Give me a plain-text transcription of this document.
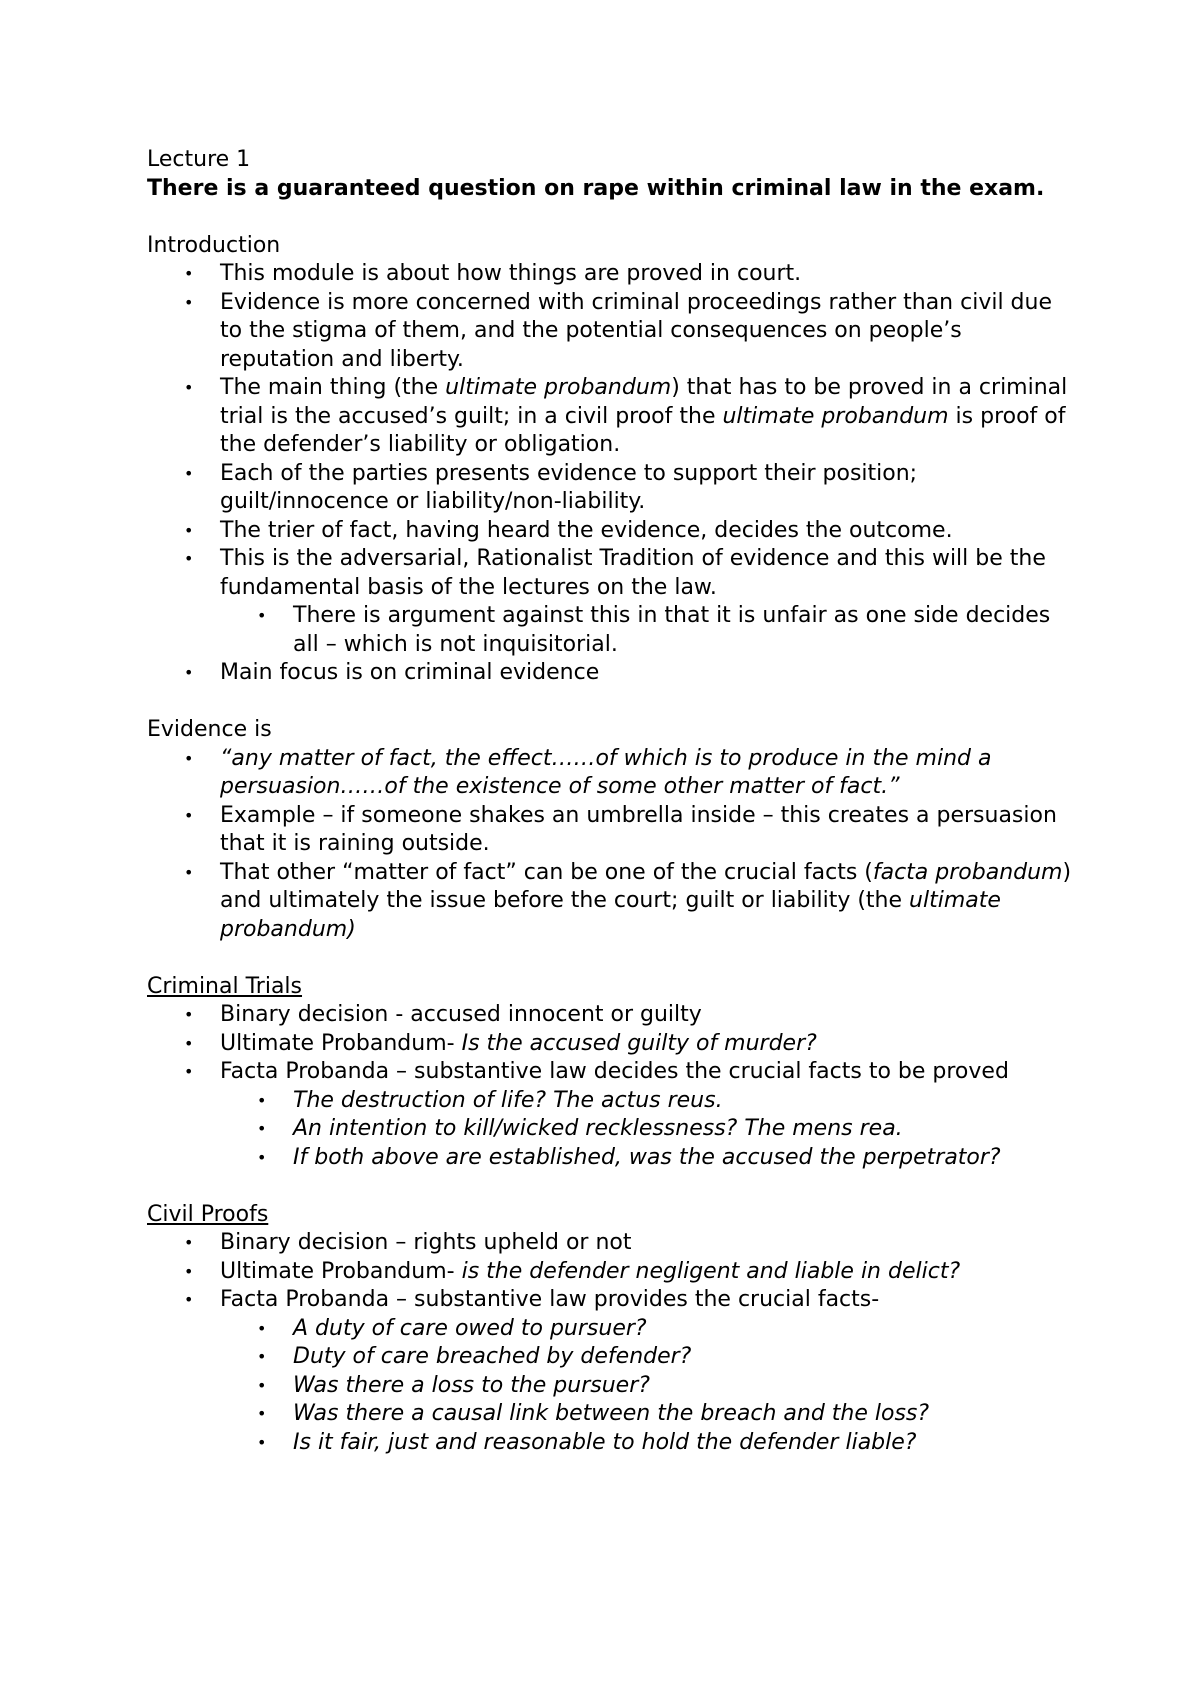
Lecture 1
There is a guaranteed question on rape within criminal law in the exam.
Introduction
• This module is about how things are proved in court.
• Evidence is more concerned with criminal proceedings rather than civil due to the stigma of them, and the potential consequences on people’s reputation and liberty.
• The main thing (the ultimate probandum) that has to be proved in a criminal trial is the accused’s guilt; in a civil proof the ultimate probandum is proof of the defender’s liability or obligation.
• Each of the parties presents evidence to support their position; guilt/innocence or liability/non-liability.
• The trier of fact, having heard the evidence, decides the outcome.
• This is the adversarial, Rationalist Tradition of evidence and this will be the fundamental basis of the lectures on the law.
• There is argument against this in that it is unfair as one side decides all – which is not inquisitorial.
• Main focus is on criminal evidence
Evidence is
• “any matter of fact, the effect……of which is to produce in the mind a persuasion……of the existence of some other matter of fact.”
• Example – if someone shakes an umbrella inside – this creates a persuasion that it is raining outside.
• That other “matter of fact” can be one of the crucial facts (facta probandum) and ultimately the issue before the court; guilt or liability (the ultimate probandum)
Criminal Trials
• Binary decision - accused innocent or guilty
• Ultimate Probandum- Is the accused guilty of murder?
• Facta Probanda – substantive law decides the crucial facts to be proved
• The destruction of life? The actus reus.
• An intention to kill/wicked recklessness? The mens rea.
• If both above are established, was the accused the perpetrator?
Civil Proofs
• Binary decision – rights upheld or not
• Ultimate Probandum- is the defender negligent and liable in delict?
• Facta Probanda – substantive law provides the crucial facts-
• A duty of care owed to pursuer?
• Duty of care breached by defender?
• Was there a loss to the pursuer?
• Was there a causal link between the breach and the loss?
• Is it fair, just and reasonable to hold the defender liable?
